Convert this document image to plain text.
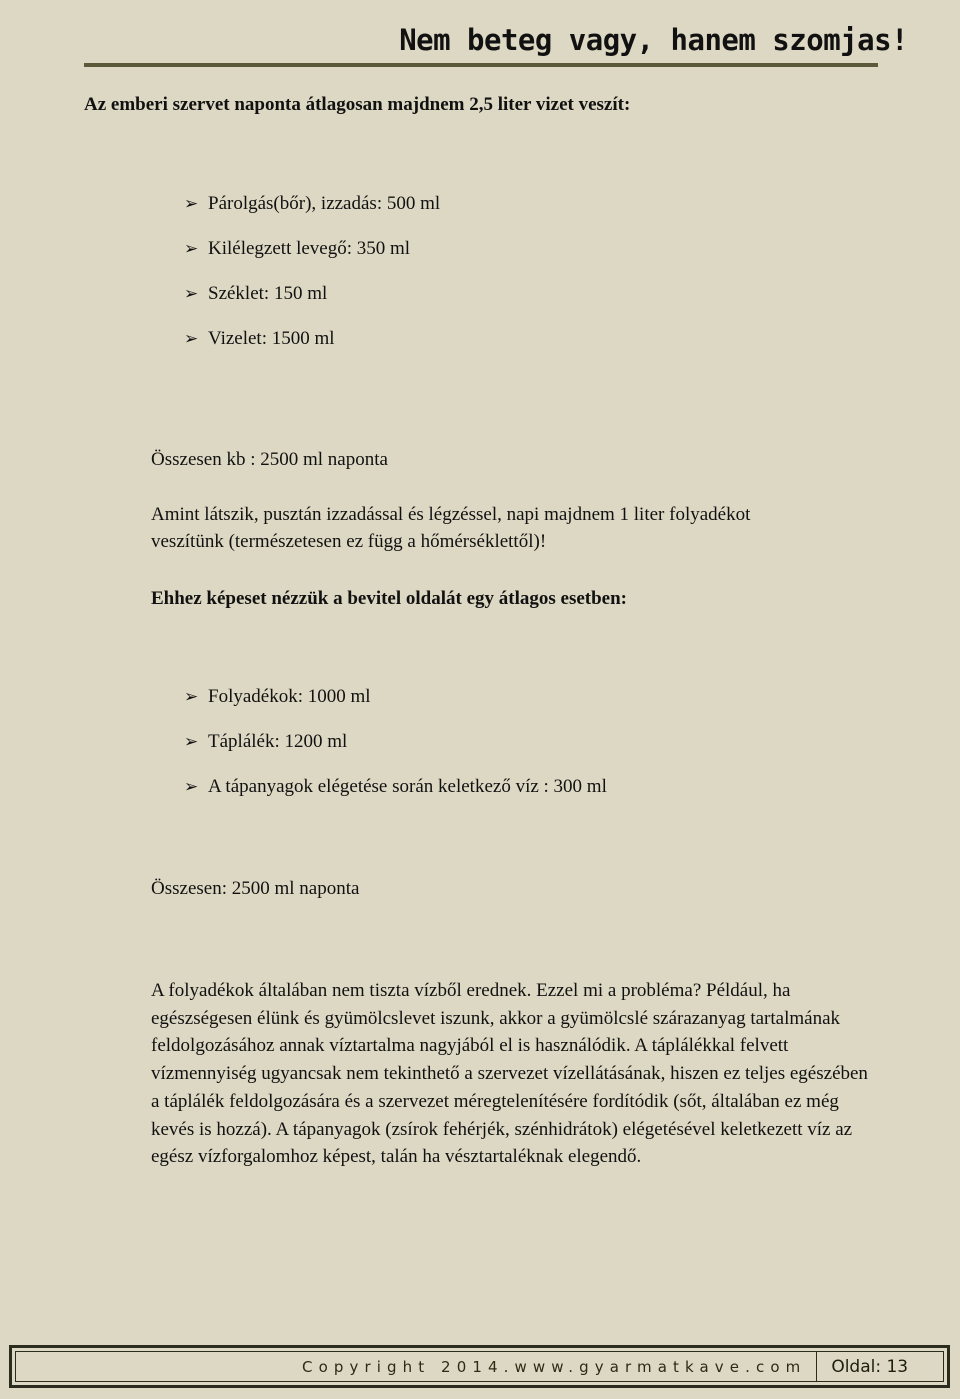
Nem beteg vagy, hanem szomjas!

Az emberi szervet naponta átlagosan majdnem 2,5 liter vizet veszít:

➢ Párolgás(bőr), izzadás: 500 ml
➢ Kilélegzett levegő: 350 ml
➢ Széklet: 150 ml
➢ Vizelet: 1500 ml

Összesen kb : 2500 ml naponta

Amint látszik, pusztán izzadással és légzéssel, napi majdnem 1 liter folyadékot

veszítünk (természetesen ez függ a hőmérséklettől)!

Ehhez képeset nézzük a bevitel oldalát egy átlagos esetben:

➢ Folyadékok: 1000 ml
➢ Táplálék: 1200 ml
➢ A tápanyagok elégetése során keletkező víz : 300 ml

Összesen: 2500 ml naponta

A folyadékok általában nem tiszta vízből erednek. Ezzel mi a probléma? Például, ha egészségesen élünk és gyümölcslevet iszunk, akkor a gyümölcslé szárazanyag tartalmának feldolgozásához annak víztartalma nagyjából el is használódik. A táplálékkal felvett vízmennyiség ugyancsak nem tekinthető a szervezet vízellátásának, hiszen ez teljes egészében a táplálék feldolgozására és a szervezet méregtelenítésére fordítódik (sőt, általában ez még kevés is hozzá). A tápanyagok (zsírok fehérjék, szénhidrátok) elégetésével keletkezett víz az egész vízforgalomhoz képest, talán ha vésztartaléknak elegendő.

Copyright 2014.www.gyarmatkave.com Oldal: 13
